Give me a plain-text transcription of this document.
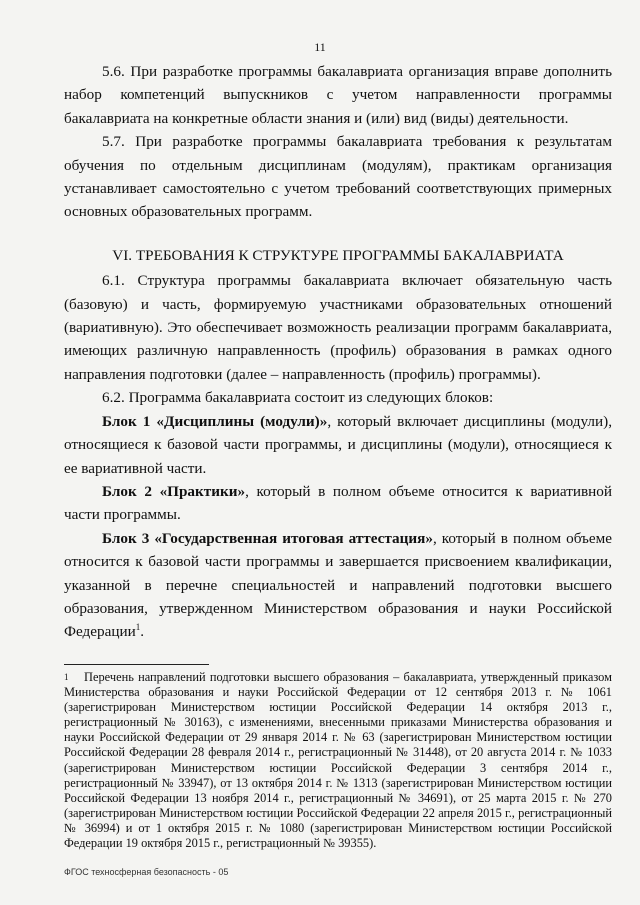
11

5.6. При разработке программы бакалавриата организация вправе дополнить набор компетенций выпускников с учетом направленности программы бакалавриата на конкретные области знания и (или) вид (виды) деятельности.

5.7. При разработке программы бакалавриата требования к результатам обучения по отдельным дисциплинам (модулям), практикам организация устанавливает самостоятельно с учетом требований соответствующих примерных основных образовательных программ.

VI. ТРЕБОВАНИЯ К СТРУКТУРЕ ПРОГРАММЫ БАКАЛАВРИАТА

6.1. Структура программы бакалавриата включает обязательную часть (базовую) и часть, формируемую участниками образовательных отношений (вариативную). Это обеспечивает возможность реализации программ бакалавриата, имеющих различную направленность (профиль) образования в рамках одного направления подготовки (далее – направленность (профиль) программы).

6.2. Программа бакалавриата состоит из следующих блоков:

Блок 1 «Дисциплины (модули)», который включает дисциплины (модули), относящиеся к базовой части программы, и дисциплины (модули), относящиеся к ее вариативной части.

Блок 2 «Практики», который в полном объеме относится к вариативной части программы.

Блок 3 «Государственная итоговая аттестация», который в полном объеме относится к базовой части программы и завершается присвоением квалификации, указанной в перечне специальностей и направлений подготовки высшего образования, утвержденном Министерством образования и науки Российской Федерации$^1$.

1 Перечень направлений подготовки высшего образования – бакалавриата, утвержденный приказом Министерства образования и науки Российской Федерации от 12 сентября 2013 г. № 1061 (зарегистрирован Министерством юстиции Российской Федерации 14 октября 2013 г., регистрационный № 30163), с изменениями, внесенными приказами Министерства образования и науки Российской Федерации от 29 января 2014 г. № 63 (зарегистрирован Министерством юстиции Российской Федерации 28 февраля 2014 г., регистрационный № 31448), от 20 августа 2014 г. № 1033 (зарегистрирован Министерством юстиции Российской Федерации 3 сентября 2014 г., регистрационный № 33947), от 13 октября 2014 г. № 1313 (зарегистрирован Министерством юстиции Российской Федерации 13 ноября 2014 г., регистрационный № 34691), от 25 марта 2015 г. № 270 (зарегистрирован Министерством юстиции Российской Федерации 22 апреля 2015 г., регистрационный № 36994) и от 1 октября 2015 г. № 1080 (зарегистрирован Министерством юстиции Российской Федерации 19 октября 2015 г., регистрационный № 39355).

ФГОС техносферная безопасность - 05
